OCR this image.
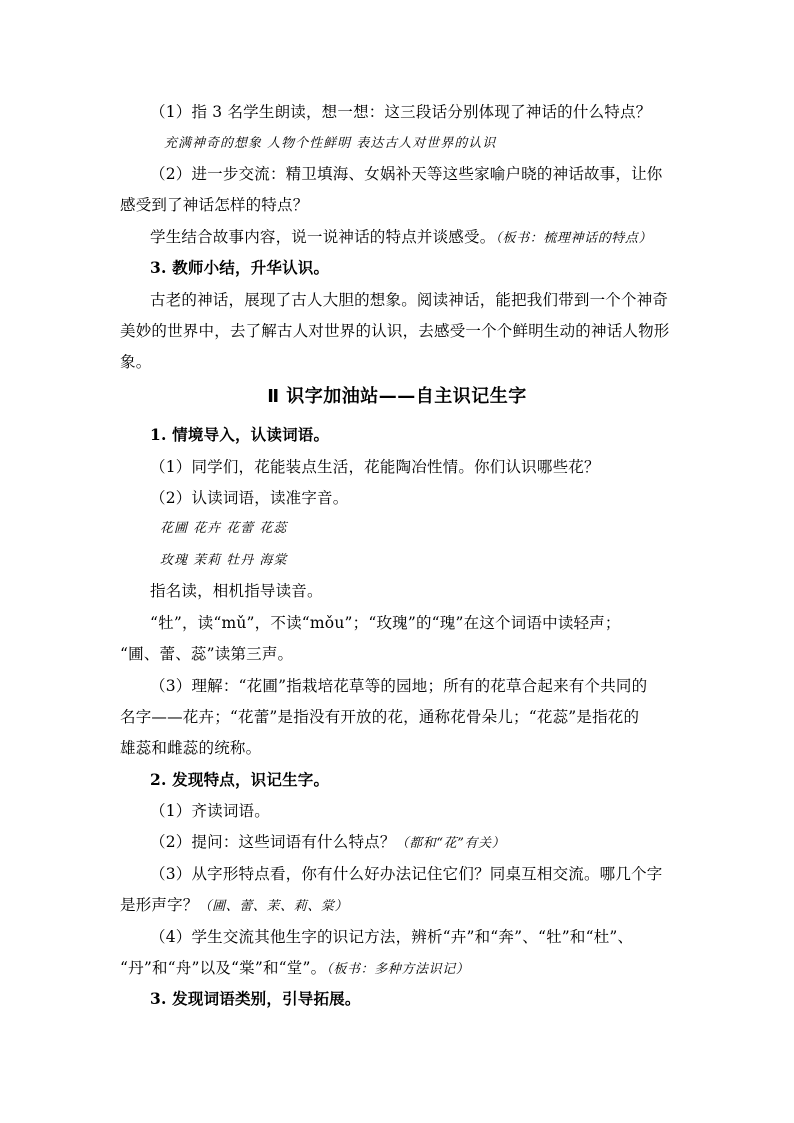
（1）指 3 名学生朗读，想一想：这三段话分别体现了神话的什么特点？
充满神奇的想象 人物个性鲜明 表达古人对世界的认识
（2）进一步交流：精卫填海、女娲补天等这些家喻户晓的神话故事，让你
感受到了神话怎样的特点？
学生结合故事内容，说一说神话的特点并谈感受。（板书：梳理神话的特点）
3. 教师小结，升华认识。
古老的神话，展现了古人大胆的想象。阅读神话，能把我们带到一个个神奇
美妙的世界中，去了解古人对世界的认识，去感受一个个鲜明生动的神话人物形
象。
Ⅱ 识字加油站——自主识记生字
1. 情境导入，认读词语。
（1）同学们，花能装点生活，花能陶冶性情。你们认识哪些花？
（2）认读词语，读准字音。
花圃 花卉 花蕾 花蕊
玫瑰 茉莉 牡丹 海棠
指名读，相机指导读音。
“牡”，读“mǔ”，不读“mǒu”；“玫瑰”的“瑰”在这个词语中读轻声；
“圃、蕾、蕊”读第三声。
（3）理解：“花圃”指栽培花草等的园地；所有的花草合起来有个共同的
名字——花卉；“花蕾”是指没有开放的花，通称花骨朵儿；“花蕊”是指花的
雄蕊和雌蕊的统称。
2. 发现特点，识记生字。
（1）齐读词语。
（2）提问：这些词语有什么特点？（都和“花”有关）
（3）从字形特点看，你有什么好办法记住它们？同桌互相交流。哪几个字
是形声字？（圃、蕾、茉、莉、棠）
（4）学生交流其他生字的识记方法，辨析“卉”和“奔”、“牡”和“杜”、
“丹”和“舟”以及“棠”和“堂”。（板书：多种方法识记）
3. 发现词语类别，引导拓展。
